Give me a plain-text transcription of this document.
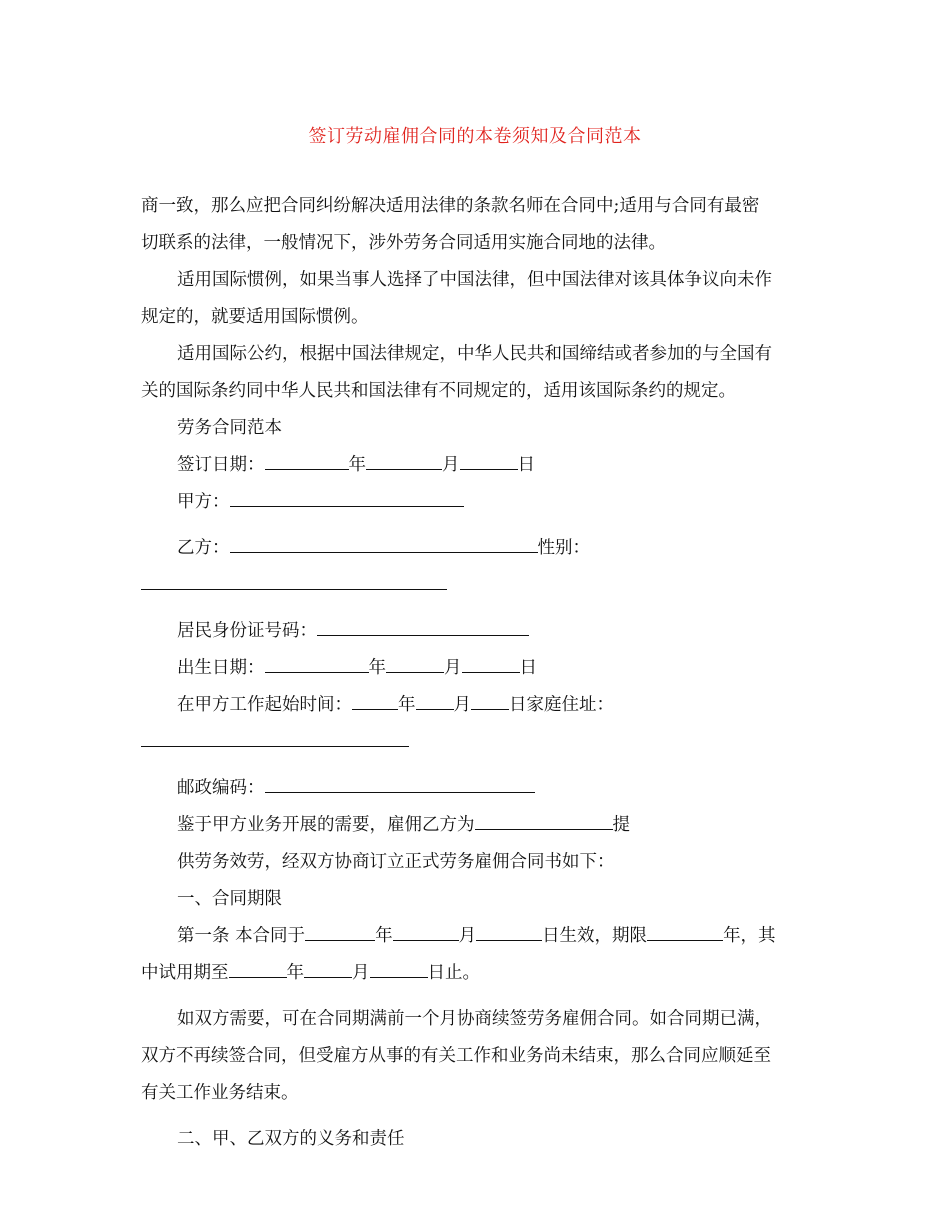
签订劳动雇佣合同的本卷须知及合同范本
商一致，那么应把合同纠纷解决适用法律的条款名师在合同中;适用与合同有最密
切联系的法律，一般情况下，涉外劳务合同适用实施合同地的法律。
适用国际惯例，如果当事人选择了中国法律，但中国法律对该具体争议向未作
规定的，就要适用国际惯例。
适用国际公约，根据中国法律规定，中华人民共和国缔结或者参加的与全国有
关的国际条约同中华人民共和国法律有不同规定的，适用该国际条约的规定。
劳务合同范本
签订日期：	年	月	日
甲方：
乙方：	性别：
居民身份证号码：
出生日期：	年	月	日
在甲方工作起始时间：	年 月 日家庭住址：
邮政编码：
鉴于甲方业务开展的需要，雇佣乙方为	提
供劳务效劳，经双方协商订立正式劳务雇佣合同书如下：
一、合同期限
第一条 本合同于	年	月	日生效，期限	年，其
中试用期至	年	月	日止。
如双方需要，可在合同期满前一个月协商续签劳务雇佣合同。如合同期已满，
双方不再续签合同，但受雇方从事的有关工作和业务尚未结束，那么合同应顺延至
有关工作业务结束。
二、甲、乙双方的义务和责任
